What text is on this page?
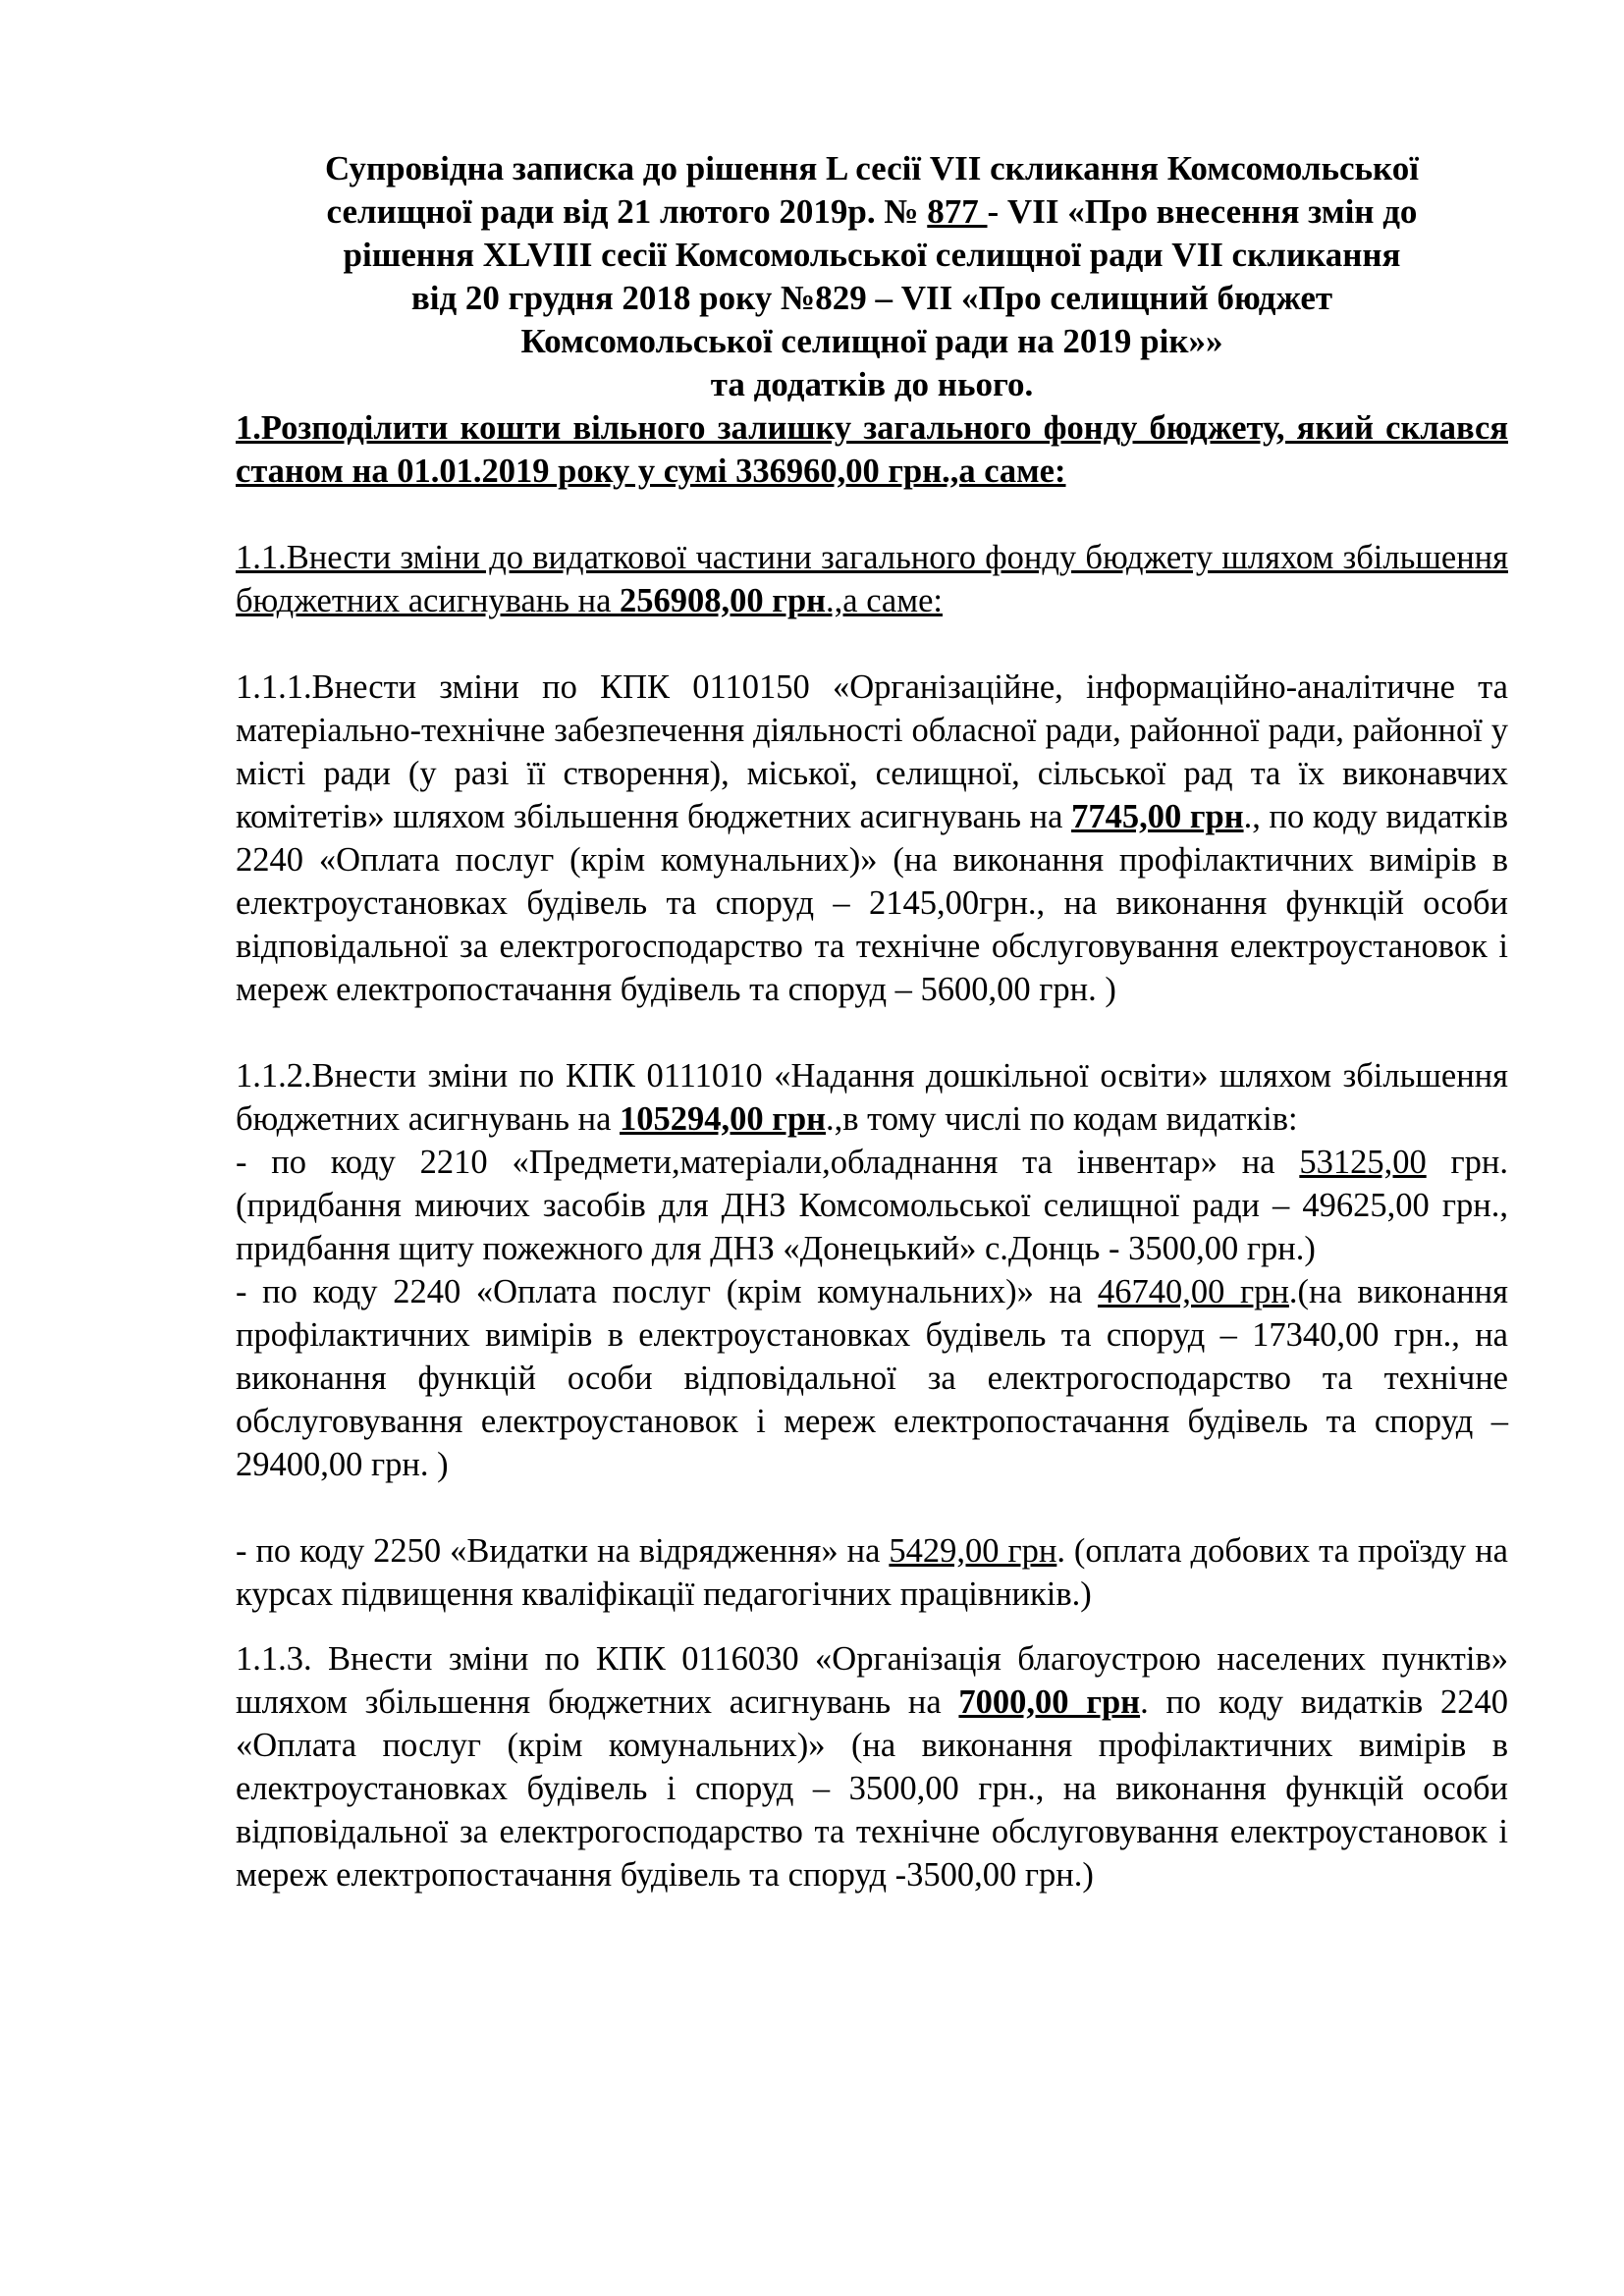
Супровідна записка до рішення L сесії VII скликання Комсомольської
селищної ради від 21 лютого 2019р. № 877 - VII «Про внесення змін до
рішення XLVIII сесії Комсомольської селищної ради VII скликання
від 20 грудня 2018 року №829 – VII «Про селищний бюджет
Комсомольської селищної ради на 2019 рік»»
та додатків до нього.

1.Розподілити кошти вільного залишку загального фонду бюджету, який склався станом на 01.01.2019 року у сумі 336960,00 грн.,а саме:

1.1.Внести зміни до видаткової частини загального фонду бюджету шляхом збільшення бюджетних асигнувань на 256908,00 грн.,а саме:

1.1.1.Внести зміни по КПК 0110150 «Організаційне, інформаційно-аналітичне та матеріально-технічне забезпечення діяльності обласної ради, районної ради, районної у місті ради (у разі її створення), міської, селищної, сільської рад та їх виконавчих комітетів» шляхом збільшення бюджетних асигнувань на 7745,00 грн., по коду видатків 2240 «Оплата послуг (крім комунальних)» (на виконання профілактичних вимірів в електроустановках будівель та споруд – 2145,00грн., на виконання функцій особи відповідальної за електрогосподарство та технічне обслуговування електроустановок і мереж електропостачання будівель та споруд – 5600,00 грн. )

1.1.2.Внести зміни по КПК 0111010 «Надання дошкільної освіти» шляхом збільшення бюджетних асигнувань на 105294,00 грн.,в тому числі по кодам видатків:

- по коду 2210 «Предмети,матеріали,обладнання та інвентар» на 53125,00 грн.(придбання миючих засобів для ДНЗ Комсомольської селищної ради – 49625,00 грн., придбання щиту пожежного для ДНЗ «Донецький» с.Донць - 3500,00 грн.)

- по коду 2240 «Оплата послуг (крім комунальних)» на 46740,00 грн.(на виконання профілактичних вимірів в електроустановках будівель та споруд – 17340,00 грн., на виконання функцій особи відповідальної за електрогосподарство та технічне обслуговування електроустановок і мереж електропостачання будівель та споруд – 29400,00 грн. )

- по коду 2250 «Видатки на відрядження» на 5429,00 грн. (оплата добових та проїзду на курсах підвищення кваліфікації педагогічних працівників.)

1.1.3. Внести зміни по КПК 0116030 «Організація благоустрою населених пунктів» шляхом збільшення бюджетних асигнувань на 7000,00 грн. по коду видатків 2240 «Оплата послуг (крім комунальних)» (на виконання профілактичних вимірів в електроустановках будівель і споруд – 3500,00 грн., на виконання функцій особи відповідальної за електрогосподарство та технічне обслуговування електроустановок і мереж електропостачання будівель та споруд -3500,00 грн.)
